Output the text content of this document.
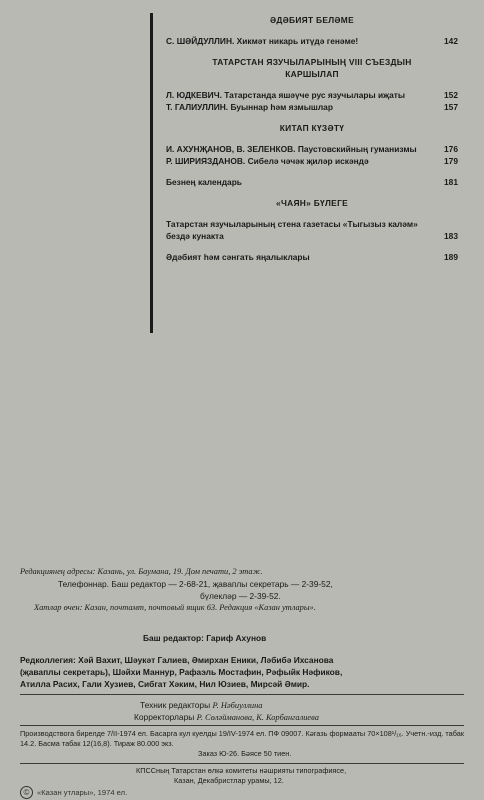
ӘДӘБИЯТ БЕЛӘМЕ
С. ШӘЙДУЛЛИН. Хикмәт никарь итүдә генәме!	142
ТАТАРСТАН ЯЗУЧЫЛАРЫНЫҢ VIII СЪЕЗДЫН
КАРШЫЛАП
Л. ЮДКЕВИЧ. Татарстанда яшәүче рус язучылары иҗаты	152
Т. ГАЛИУЛЛИН. Буыннар һәм язмышлар	157
КИТАП КҮЗӘТҮ
И. АХУНҖАНОВ, В. ЗЕЛЕНКОВ. Паустовскийның гуманизмы	176
Р. ШИРИЯЗДАНОВ. Сибелә чәчәк җиләр искәндә	179
Безнең календарь	181
«ЧАЯН» БҮЛЕГЕ
Татарстан язучыларының стена газетасы «Тыгызыз каләм» бездә кунакта	183
Әдәбият һәм сәнгать яңалыклары	189
Редакциянең адресы: Казань, ул. Баумана, 19. Дом печати, 2 этаж.
Телефоннар. Баш редактор — 2-68-21, җаваплы секретарь — 2-39-52,
бүлекләр — 2-39-52.
Хатлар өчен: Казан, почтамт, почтовый ящик 63. Редакция «Казан утлары».
Баш редактор: Гариф Ахунов
Редколлегия: Хәй Вахит, Шәукәт Галиев, Әмирхан Еники, Ләбибә Ихсанова
(җаваплы секретарь), Шәйхи Маннур, Рафаэль Мостафин, Рәфыйк Нәфиков,
Атилла Расих, Гали Хузиев, Сибгат Хәким, Нил Юзиев, Мирсәй Әмир.
Техник редакторы Р. Нәбиуллина
Корректорлары Р. Сөләйманова, К. Корбангалиева
Производствога бирелде 7/II-1974 ел. Басарга кул куелды 19/IV-1974 ел. ПФ 09007. Кәгазь формааты 70×108¹/₁₆. Учетн.-изд. табак 14.2. Басма табак 12(16,8). Тираж 80.000 экз.
Заказ Ю-26. Бәясе 50 тиен.
КПССның Татарстан өлкә комитеты нәшрияты типографиясе,
Казан, Декабристлар урамы, 12.
© «Казан утлары», 1974 ел.
